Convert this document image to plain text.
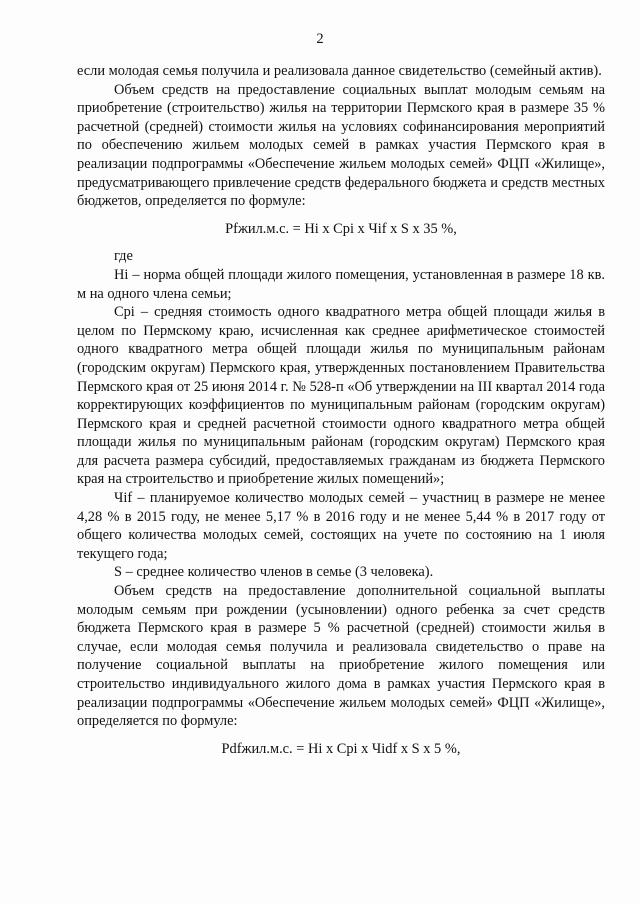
2

если молодая семья получила и реализовала данное свидетельство (семейный актив).

Объем средств на предоставление социальных выплат молодым семьям на приобретение (строительство) жилья на территории Пермского края в размере 35 % расчетной (средней) стоимости жилья на условиях софинансирования мероприятий по обеспечению жильем молодых семей в рамках участия Пермского края в реализации подпрограммы «Обеспечение жильем молодых семей» ФЦП «Жилище», предусматривающего привлечение средств федерального бюджета и средств местных бюджетов, определяется по формуле:

Pfжил.м.с. = Hi x Cpi x Чif x S x 35 %,

где

Hi – норма общей площади жилого помещения, установленная в размере 18 кв. м на одного члена семьи;

Cpi – средняя стоимость одного квадратного метра общей площади жилья в целом по Пермскому краю, исчисленная как среднее арифметическое стоимостей одного квадратного метра общей площади жилья по муниципальным районам (городским округам) Пермского края, утвержденных постановлением Правительства Пермского края от 25 июня 2014 г. № 528-п «Об утверждении на III квартал 2014 года корректирующих коэффициентов по муниципальным районам (городским округам) Пермского края и средней расчетной стоимости одного квадратного метра общей площади жилья по муниципальным районам (городским округам) Пермского края для расчета размера субсидий, предоставляемых гражданам из бюджета Пермского края на строительство и приобретение жилых помещений»;

Чif – планируемое количество молодых семей – участниц в размере не менее 4,28 % в 2015 году, не менее 5,17 % в 2016 году и не менее 5,44 % в 2017 году от общего количества молодых семей, состоящих на учете по состоянию на 1 июля текущего года;

S – среднее количество членов в семье (3 человека).

Объем средств на предоставление дополнительной социальной выплаты молодым семьям при рождении (усыновлении) одного ребенка за счет средств бюджета Пермского края в размере 5 % расчетной (средней) стоимости жилья в случае, если молодая семья получила и реализовала свидетельство о праве на получение социальной выплаты на приобретение жилого помещения или строительство индивидуального жилого дома в рамках участия Пермского края в реализации подпрограммы «Обеспечение жильем молодых семей» ФЦП «Жилище», определяется по формуле:

Pdfжил.м.с. = Hi x Cpi x Чidf x S x 5 %,
